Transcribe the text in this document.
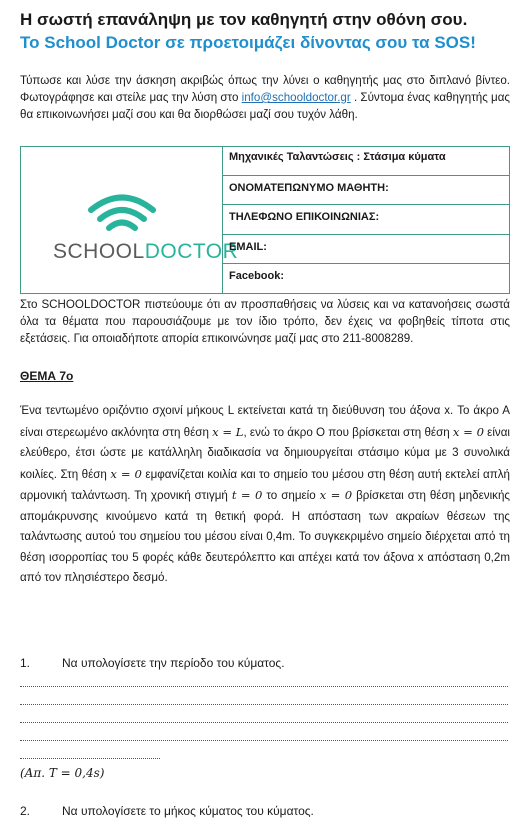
Η σωστή επανάληψη με τον καθηγητή στην οθόνη σου.
Το School Doctor σε προετοιμάζει δίνοντας σου τα SOS!
Τύπωσε και λύσε την άσκηση ακριβώς όπως την λύνει ο καθηγητής μας στο διπλανό βίντεο. Φωτογράφησε και στείλε μας την λύση στο info@schooldoctor.gr . Σύντομα ένας καθηγητής μας θα επικοινωνήσει μαζί σου και θα διορθώσει μαζί σου τυχόν λάθη.
SCHOOLDOCTOR
Μηχανικές Ταλαντώσεις : Στάσιμα κύματα
ΟΝΟΜΑΤΕΠΩΝΥΜΟ ΜΑΘΗΤΗ:
ΤΗΛΕΦΩΝΟ ΕΠΙΚΟΙΝΩΝΙΑΣ:
EMAIL:
Facebook:
Στο SCHOOLDOCTOR πιστεύουμε ότι αν προσπαθήσεις να λύσεις και να κατανοήσεις σωστά όλα τα θέματα που παρουσιάζουμε με τον ίδιο τρόπο, δεν έχεις να φοβηθείς τίποτα στις εξετάσεις. Για οποιαδήποτε απορία επικοινώνησε μαζί μας στο 211-8008289.
ΘΕΜΑ 7ο
Ένα τεντωμένο οριζόντιο σχοινί μήκους L εκτείνεται κατά τη διεύθυνση του άξονα x. Το άκρο Α είναι στερεωμένο ακλόνητα στη θέση x = L, ενώ το άκρο Ο που βρίσκεται στη θέση x = 0 είναι ελεύθερο, έτσι ώστε με κατάλληλη διαδικασία να δημιουργείται στάσιμο κύμα με 3 συνολικά κοιλίες. Στη θέση x = 0 εμφανίζεται κοιλία και το σημείο του μέσου στη θέση αυτή εκτελεί απλή αρμονική ταλάντωση. Τη χρονική στιγμή t = 0 το σημείο x = 0 βρίσκεται στη θέση μηδενικής απομάκρυνσης κινούμενο κατά τη θετική φορά. Η απόσταση των ακραίων θέσεων της ταλάντωσης αυτού του σημείου του μέσου είναι 0,4m. Το συγκεκριμένο σημείο διέρχεται από τη θέση ισορροπίας του 5 φορές κάθε δευτερόλεπτο και απέχει κατά τον άξονα x απόσταση 0,2m από τον πλησιέστερο δεσμό.
1.	Να υπολογίσετε την περίοδο του κύματος.
(Απ. T = 0,4s)
2.	Να υπολογίσετε το μήκος κύματος του κύματος.
